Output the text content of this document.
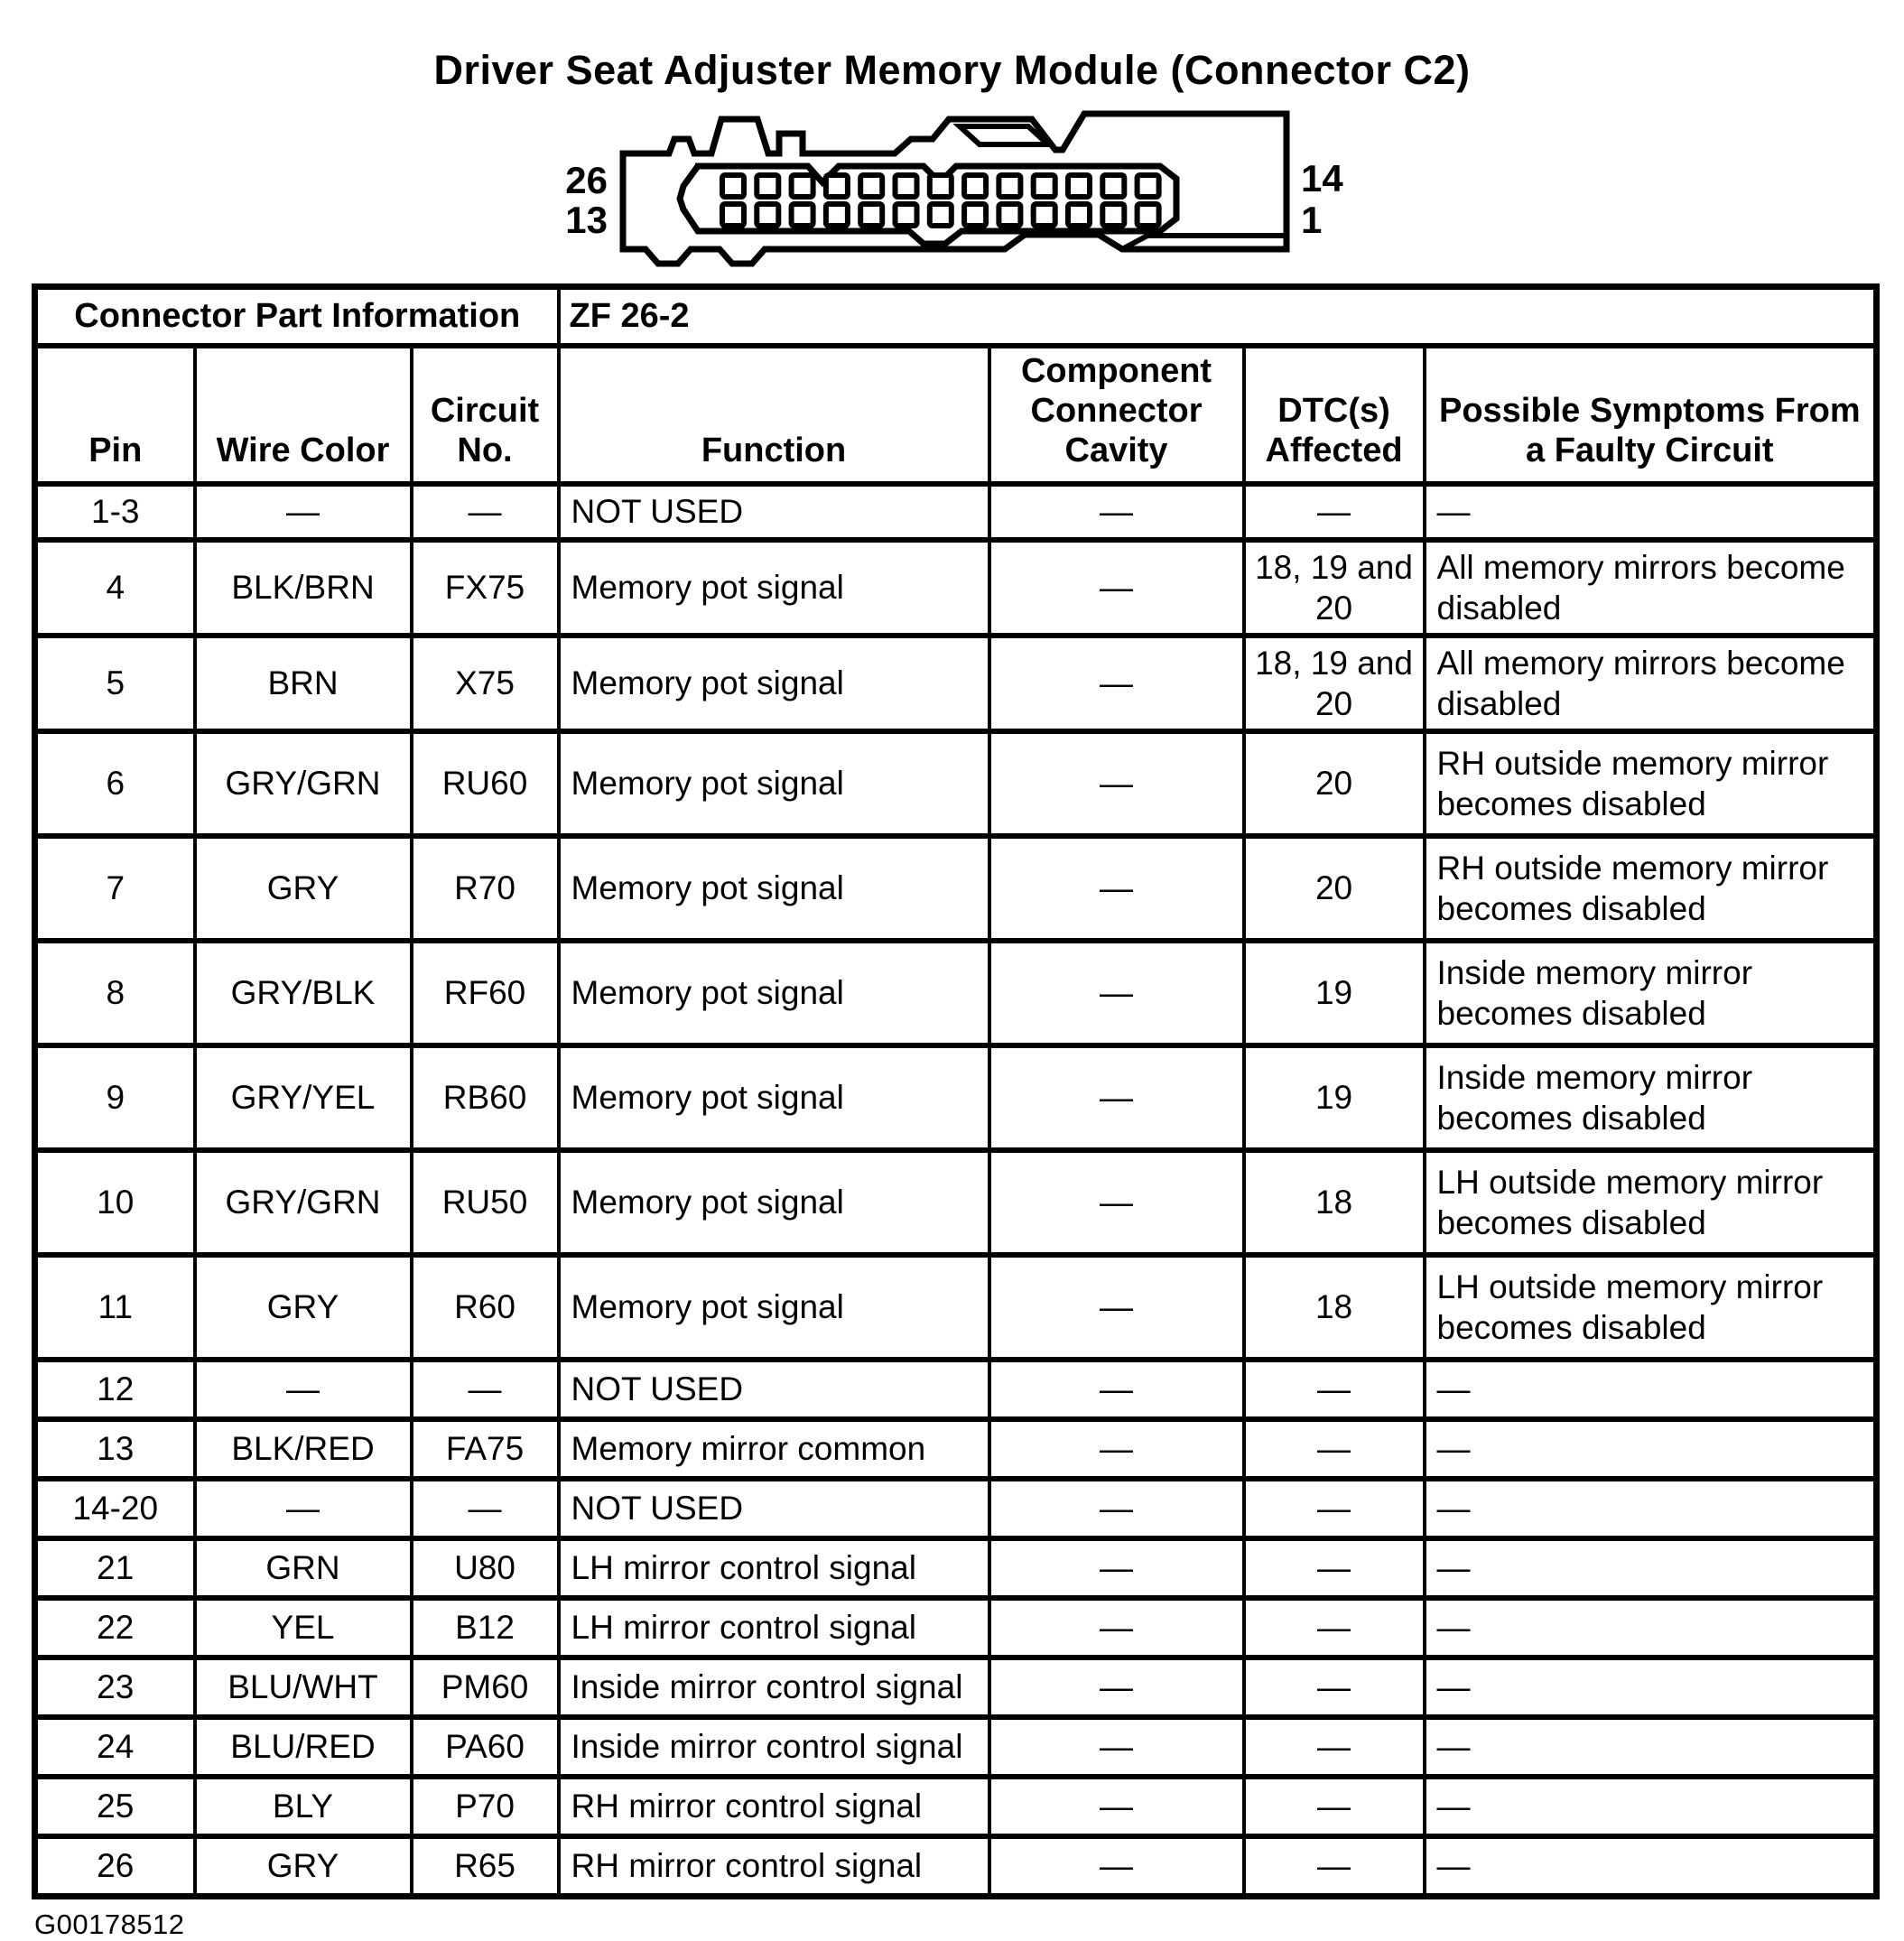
Driver Seat Adjuster Memory Module (Connector C2)
26
13
14
1
Connector Part Information			ZF 26-2			
Pin	Wire Color	Circuit No.	Function	Component Connector Cavity	DTC(s) Affected	Possible Symptoms From a Faulty Circuit
1-3	—	—	NOT USED	—	—	—
4	BLK/BRN	FX75	Memory pot signal	—	18, 19 and 20	All memory mirrors become disabled
5	BRN	X75	Memory pot signal	—	18, 19 and 20	All memory mirrors become disabled
6	GRY/GRN	RU60	Memory pot signal	—	20	RH outside memory mirror becomes disabled
7	GRY	R70	Memory pot signal	—	20	RH outside memory mirror becomes disabled
8	GRY/BLK	RF60	Memory pot signal	—	19	Inside memory mirror becomes disabled
9	GRY/YEL	RB60	Memory pot signal	—	19	Inside memory mirror becomes disabled
10	GRY/GRN	RU50	Memory pot signal	—	18	LH outside memory mirror becomes disabled
11	GRY	R60	Memory pot signal	—	18	LH outside memory mirror becomes disabled
12	—	—	NOT USED	—	—	—
13	BLK/RED	FA75	Memory mirror common	—	—	—
14-20	—	—	NOT USED	—	—	—
21	GRN	U80	LH mirror control signal	—	—	—
22	YEL	B12	LH mirror control signal	—	—	—
23	BLU/WHT	PM60	Inside mirror control signal	—	—	—
24	BLU/RED	PA60	Inside mirror control signal	—	—	—
25	BLY	P70	RH mirror control signal	—	—	—
26	GRY	R65	RH mirror control signal	—	—	—
G00178512
